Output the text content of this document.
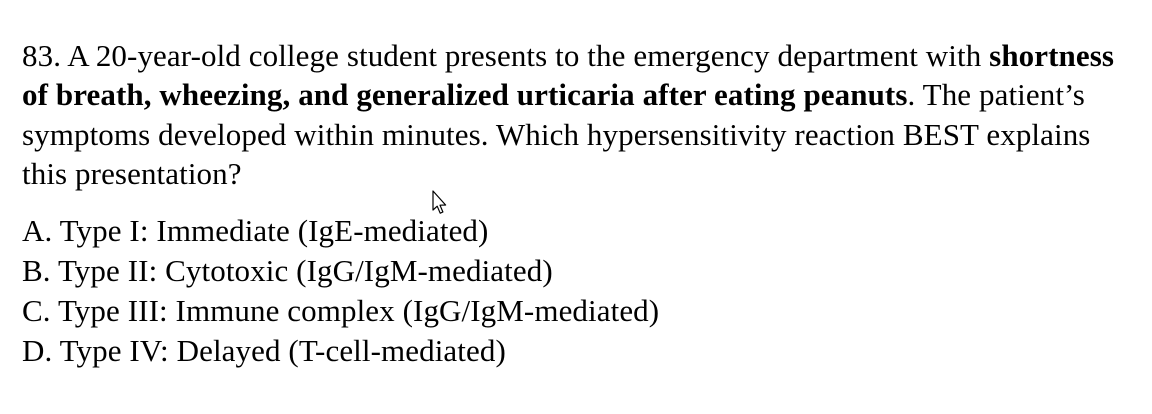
83. A 20-year-old college student presents to the emergency department with shortness of breath, wheezing, and generalized urticaria after eating peanuts. The patient’s symptoms developed within minutes. Which hypersensitivity reaction BEST explains this presentation?

A. Type I: Immediate (IgE-mediated)
B. Type II: Cytotoxic (IgG/IgM-mediated)
C. Type III: Immune complex (IgG/IgM-mediated)
D. Type IV: Delayed (T-cell-mediated)
